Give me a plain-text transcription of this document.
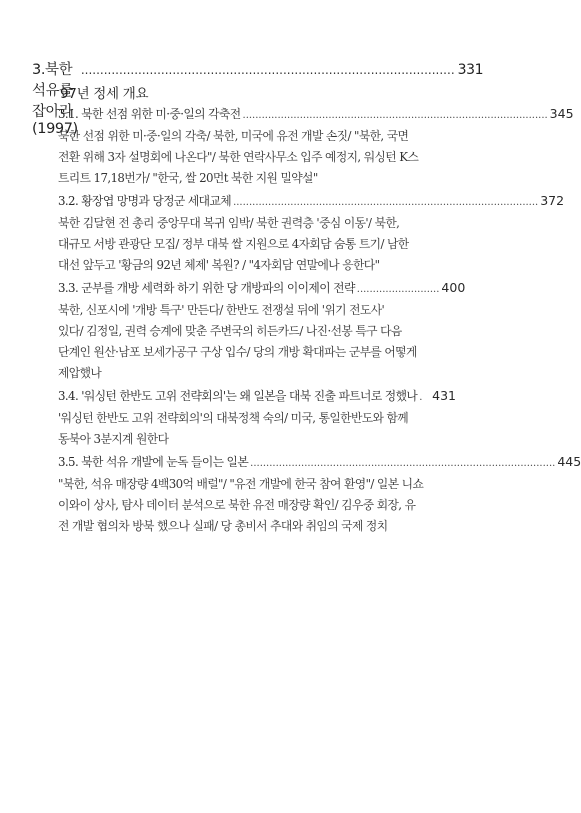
3.북한 석유를 잡아라(1997)
.................................................................................................. 331
97년 정세 개요
3.1. 북한 선점 위한 미·중·일의 각축전 ................................................................................................ 345
북한 선점 위한 미·중·일의 각축/ 북한, 미국에 유전 개발 손짓/ "북한, 국면
전환 위해 3자 설명회에 나온다"/ 북한 연락사무소 입주 예정지, 워싱턴 K스
트리트 17,18번가/ "한국, 쌀 20먼t 북한 지원 밀약설"
3.2. 황장엽 망명과 당정군 세대교체 ................................................................................................ 372
북한 김달현 전 총리 중앙무대 복귀 임박/ 북한 권력층 '중심 이동'/ 북한,
대규모 서방 관광단 모집/ 정부 대북 쌀 지원으로 4자회담 숨통 트기/ 남한
대선 앞두고 '황금의 92년 체제' 복원? / "4자회담 연말에나 응한다"
3.3. 군부를 개방 세력화 하기 위한 당 개방파의 이이제이 전략 .......................... 400
북한, 신포시에 '개방 특구' 만든다/ 한반도 전쟁설 뒤에 '위기 전도사'
있다/ 김정일, 권력 승계에 맞춘 주변국의 히든카드/ 나진·선봉 특구 다음
단계인 원산·남포 보세가공구 구상 입수/ 당의 개방 확대파는 군부를 어떻게
제압했나
3.4. '워싱턴 한반도 고위 전략회의'는 왜 일본을 대북 진출 파트너로 정했나 . 431
'워싱턴 한반도 고위 전략회의'의 대북정책 숙의/ 미국, 통일한반도와 함께
동북아 3분지계 원한다
3.5. 북한 석유 개발에 눈독 들이는 일본 ................................................................................................ 445
"북한, 석유 매장량 4백30억 배럴"/ "유전 개발에 한국 참여 환영"/ 일본 니쇼
이와이 상사, 탐사 데이터 분석으로 북한 유전 매장량 확인/ 김우중 회장, 유
전 개발 협의차 방북 했으나 실패/ 당 총비서 추대와 취임의 국제 정치
